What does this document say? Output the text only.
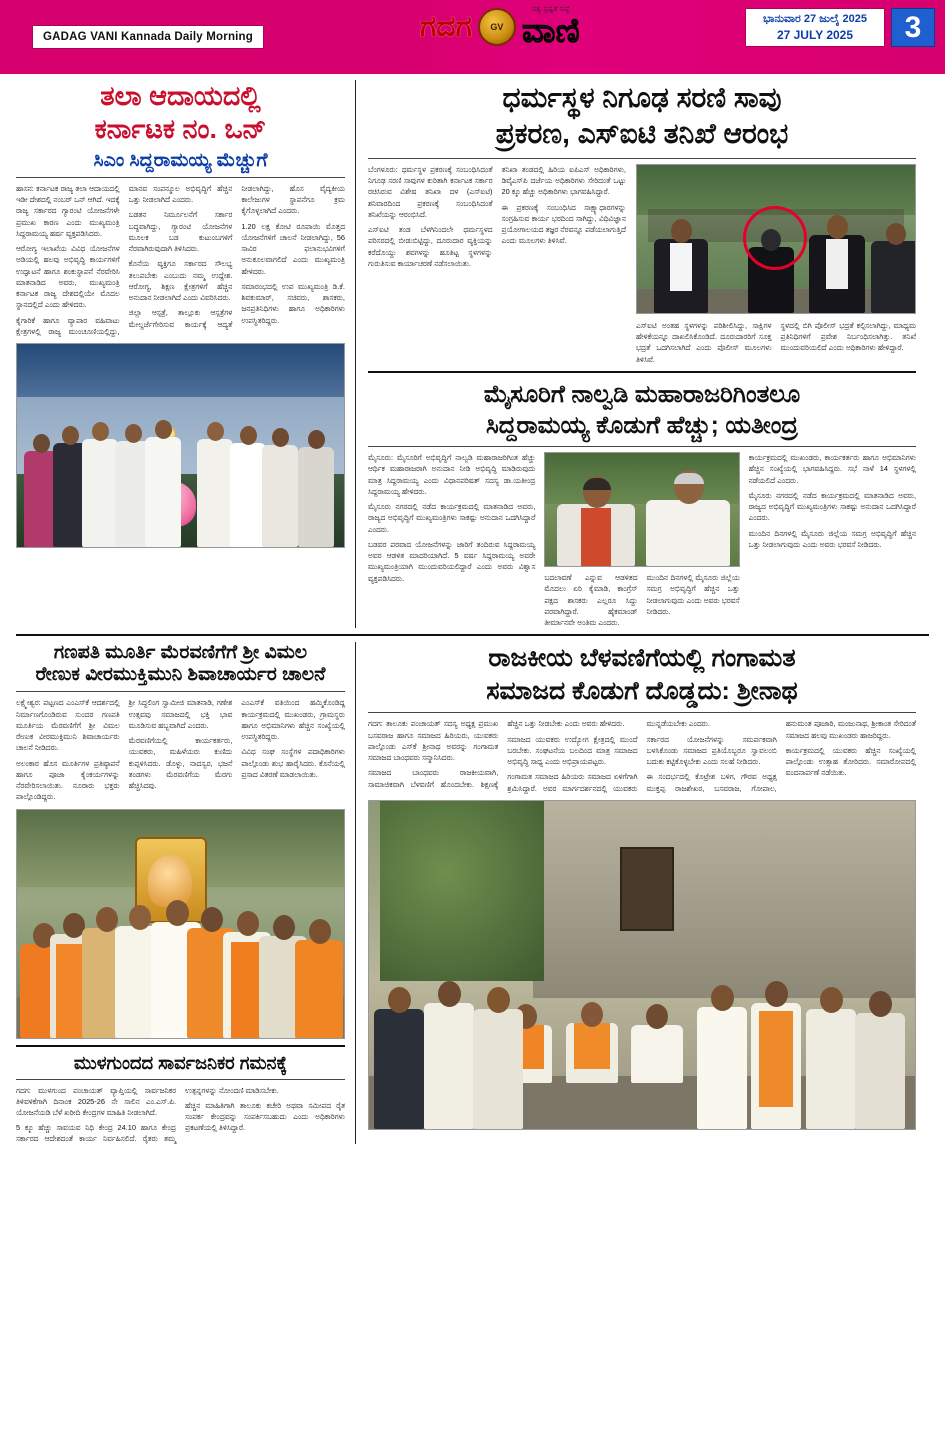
GADAG VANI Kannada Daily Morning	ಗದಗ GV
ಸತ್ಯ ಸ್ಪಷ್ಟತೆ ನಿಷ್ಠೆ
ವಾಣಿ	ಭಾನುವಾರ 27 ಜುಲೈ 2025
27 JULY 2025	3
ತಲಾ ಆದಾಯದಲ್ಲಿ
ಕರ್ನಾಟಕ ನಂ. ಒನ್
ಸಿಎಂ ಸಿದ್ದರಾಮಯ್ಯ ಮೆಚ್ಚುಗೆ

ಹಾಸನ: ಕರ್ನಾಟಕ ರಾಜ್ಯ ತಲಾ ಆದಾಯದಲ್ಲಿ ಇಡೀ ದೇಶದಲ್ಲಿ ನಂಬರ್ ಒನ್ ಆಗಿದೆ. ಇದಕ್ಕೆ ರಾಜ್ಯ ಸರ್ಕಾರದ ಗ್ಯಾರಂಟಿ ಯೋಜನೆಗಳೇ ಪ್ರಮುಖ ಕಾರಣ ಎಂದು ಮುಖ್ಯಮಂತ್ರಿ ಸಿದ್ದರಾಮಯ್ಯ ಹರ್ಷ ವ್ಯಕ್ತಪಡಿಸಿದರು.

ಆರೋಗ್ಯ ಇಲಾಖೆಯ ವಿವಿಧ ಯೋಜನೆಗಳ ಅಡಿಯಲ್ಲಿ ಹಲವು ಅಭಿವೃದ್ಧಿ ಕಾರ್ಯಗಳಿಗೆ ಉದ್ಘಾಟನೆ ಹಾಗೂ ಶಂಕುಸ್ಥಾಪನೆ ನೆರವೇರಿಸಿ ಮಾತನಾಡಿದ ಅವರು, ಮುಖ್ಯಮಂತ್ರಿ ಕರ್ನಾಟಕ ರಾಜ್ಯ ದೇಶದಲ್ಲಿಯೇ ಮೊದಲ ಸ್ಥಾನದಲ್ಲಿದೆ ಎಂದು ಹೇಳಿದರು.

ಕೈಗಾರಿಕೆ ಹಾಗೂ ವ್ಯಾಪಾರ ವಹಿವಾಟು ಕ್ಷೇತ್ರಗಳಲ್ಲಿ ರಾಜ್ಯ ಮುಂಚೂಣಿಯಲ್ಲಿದ್ದು, ಮಾನವ ಸಂಪನ್ಮೂಲ ಅಭಿವೃದ್ಧಿಗೆ ಹೆಚ್ಚಿನ ಒತ್ತು ನೀಡಲಾಗಿದೆ ಎಂದರು.

ಬಡತನ ನಿರ್ಮೂಲನೆಗೆ ಸರ್ಕಾರ ಬದ್ಧವಾಗಿದ್ದು, ಗ್ಯಾರಂಟಿ ಯೋಜನೆಗಳ ಮೂಲಕ ಬಡ ಕುಟುಂಬಗಳಿಗೆ ನೆರವಾಗಿರುವುದಾಗಿ ತಿಳಿಸಿದರು.

ಕೊನೆಯ ವ್ಯಕ್ತಿಗೂ ಸರ್ಕಾರದ ಸೌಲಭ್ಯ ತಲುಪಬೇಕು ಎಂಬುದು ನಮ್ಮ ಉದ್ದೇಶ. ಆರೋಗ್ಯ, ಶಿಕ್ಷಣ ಕ್ಷೇತ್ರಗಳಿಗೆ ಹೆಚ್ಚಿನ ಅನುದಾನ ನೀಡಲಾಗಿದೆ ಎಂದು ವಿವರಿಸಿದರು.

ಜಿಲ್ಲಾ ಆಸ್ಪತ್ರೆ, ತಾಲ್ಲೂಕು ಆಸ್ಪತ್ರೆಗಳ ಮೇಲ್ದರ್ಜೆಗೇರಿಸುವ ಕಾರ್ಯಕ್ಕೆ ಆದ್ಯತೆ ನೀಡಲಾಗಿದ್ದು, ಹೊಸ ವೈದ್ಯಕೀಯ ಕಾಲೇಜುಗಳ ಸ್ಥಾಪನೆಗೂ ಕ್ರಮ ಕೈಗೊಳ್ಳಲಾಗಿದೆ ಎಂದರು.

1.20 ಲಕ್ಷ ಕೋಟಿ ರೂಪಾಯಿ ಮೊತ್ತದ ಯೋಜನೆಗಳಿಗೆ ಚಾಲನೆ ನೀಡಲಾಗಿದ್ದು, 56 ಸಾವಿರ ಫಲಾನುಭವಿಗಳಿಗೆ ಅನುಕೂಲವಾಗಲಿದೆ ಎಂದು ಮುಖ್ಯಮಂತ್ರಿ ಹೇಳಿದರು.

ಸಮಾರಂಭದಲ್ಲಿ ಉಪ ಮುಖ್ಯಮಂತ್ರಿ ಡಿ.ಕೆ. ಶಿವಕುಮಾರ್, ಸಚಿವರು, ಶಾಸಕರು, ಜನಪ್ರತಿನಿಧಿಗಳು ಹಾಗೂ ಅಧಿಕಾರಿಗಳು ಉಪಸ್ಥಿತರಿದ್ದರು.

ಧರ್ಮಸ್ಥಳ ನಿಗೂಢ ಸರಣಿ ಸಾವು
ಪ್ರಕರಣ, ಎಸ್‌ಐಟಿ ತನಿಖೆ ಆರಂಭ

ಬೆಂಗಳೂರು: ಧರ್ಮಸ್ಥಳ ಪ್ರಕರಣಕ್ಕೆ ಸಂಬಂಧಿಸಿದಂತೆ ನಿಗೂಢ ಸರಣಿ ಸಾವುಗಳ ಕುರಿತಾಗಿ ಕರ್ನಾಟಕ ಸರ್ಕಾರ ರಚಿಸಿರುವ ವಿಶೇಷ ತನಿಖಾ ದಳ (ಎಸ್‌ಐಟಿ) ಶನಿವಾರದಿಂದ ಪ್ರಕರಣಕ್ಕೆ ಸಂಬಂಧಿಸಿದಂತೆ ತನಿಖೆಯನ್ನು ಆರಂಭಿಸಿದೆ.

ಎಸ್‌ಐಟಿ ತಂಡ ಬೆಳಗಿನಿಂದಲೇ ಧರ್ಮಸ್ಥಳದ ಪರಿಸರದಲ್ಲಿ ಬೀಡುಬಿಟ್ಟಿದ್ದು, ದೂರುದಾರ ವ್ಯಕ್ತಿಯನ್ನು ಕರೆದೊಯ್ದು ಶವಗಳನ್ನು ಹೂತಿಟ್ಟ ಸ್ಥಳಗಳನ್ನು ಗುರುತಿಸುವ ಕಾರ್ಯಾಚರಣೆ ನಡೆಸಲಾಯಿತು.

ತನಿಖಾ ತಂಡದಲ್ಲಿ ಹಿರಿಯ ಐಪಿಎಸ್ ಅಧಿಕಾರಿಗಳು, ಡಿವೈಎಸ್‌ಪಿ ದರ್ಜೆಯ ಅಧಿಕಾರಿಗಳು ಸೇರಿದಂತೆ ಒಟ್ಟು 20 ಕ್ಕೂ ಹೆಚ್ಚು ಅಧಿಕಾರಿಗಳು ಭಾಗವಹಿಸಿದ್ದಾರೆ.

ಈ ಪ್ರಕರಣಕ್ಕೆ ಸಂಬಂಧಿಸಿದ ಸಾಕ್ಷ್ಯಾಧಾರಗಳನ್ನು ಸಂಗ್ರಹಿಸುವ ಕಾರ್ಯ ಭರದಿಂದ ಸಾಗಿದ್ದು, ವಿಧಿವಿಜ್ಞಾನ ಪ್ರಯೋಗಾಲಯದ ತಜ್ಞರ ನೆರವನ್ನೂ ಪಡೆಯಲಾಗುತ್ತಿದೆ ಎಂದು ಮೂಲಗಳು ತಿಳಿಸಿವೆ.

ಎಸ್‌ಐಟಿ ಅಂತಹ ಸ್ಥಳಗಳನ್ನು ಪರಿಶೀಲಿಸಿದ್ದು, ಸಾಕ್ಷಿಗಳ ಹೇಳಿಕೆಯನ್ನೂ ದಾಖಲಿಸಿಕೊಂಡಿದೆ. ದೂರುದಾರರಿಗೆ ಸೂಕ್ತ ಭದ್ರತೆ ಒದಗಿಸಲಾಗಿದೆ ಎಂದು ಪೊಲೀಸ್ ಮೂಲಗಳು ತಿಳಿಸಿವೆ.

ಸ್ಥಳದಲ್ಲಿ ಬಿಗಿ ಪೊಲೀಸ್ ಭದ್ರತೆ ಕಲ್ಪಿಸಲಾಗಿದ್ದು, ಮಾಧ್ಯಮ ಪ್ರತಿನಿಧಿಗಳಿಗೆ ಪ್ರವೇಶ ನಿರ್ಬಂಧಿಸಲಾಗಿತ್ತು. ತನಿಖೆ ಮುಂದುವರಿಯಲಿದೆ ಎಂದು ಅಧಿಕಾರಿಗಳು ಹೇಳಿದ್ದಾರೆ.

ಮೈಸೂರಿಗೆ ನಾಲ್ವಡಿ ಮಹಾರಾಜರಿಗಿಂತಲೂ
ಸಿದ್ದರಾಮಯ್ಯ ಕೊಡುಗೆ ಹೆಚ್ಚು; ಯತೀಂದ್ರ

ಮೈಸೂರು: ಮೈಸೂರಿಗೆ ಅಭಿವೃದ್ಧಿಗೆ ನಾಲ್ವಡಿ ಮಹಾರಾಜರಿಗಿಂತ ಹೆಚ್ಚು ಆರ್ಥಿಕ ಮಹಾರಾಜರಾಗಿ ಅನುದಾನ ನೀಡಿ ಅಭಿವೃದ್ಧಿ ಮಾಡಿರುವುದು ಮಾತ್ರ ಸಿದ್ದರಾಮಯ್ಯ ಎಂದು ವಿಧಾನಪರಿಷತ್ ಸದಸ್ಯ ಡಾ.ಯತೀಂದ್ರ ಸಿದ್ದರಾಮಯ್ಯ ಹೇಳಿದರು.

ಮೈಸೂರು ನಗರದಲ್ಲಿ ನಡೆದ ಕಾರ್ಯಕ್ರಮದಲ್ಲಿ ಮಾತನಾಡಿದ ಅವರು, ರಾಜ್ಯದ ಅಭಿವೃದ್ಧಿಗೆ ಮುಖ್ಯಮಂತ್ರಿಗಳು ಸಾಕಷ್ಟು ಅನುದಾನ ಒದಗಿಸಿದ್ದಾರೆ ಎಂದರು.

ಬಡವರ ಪರವಾದ ಯೋಜನೆಗಳನ್ನು ಜಾರಿಗೆ ತಂದಿರುವ ಸಿದ್ದರಾಮಯ್ಯ ಅವರ ಆಡಳಿತ ಮಾದರಿಯಾಗಿದೆ. 5 ವರ್ಷ ಸಿದ್ದರಾಮಯ್ಯ ಅವರೇ ಮುಖ್ಯಮಂತ್ರಿಯಾಗಿ ಮುಂದುವರಿಯಲಿದ್ದಾರೆ ಎಂದು ಅವರು ವಿಶ್ವಾಸ ವ್ಯಕ್ತಪಡಿಸಿದರು.	ಬದಲಾವಣೆ ಎನ್ನುವ ಆಡಳಿತದ ಮೊದಲು ಏರಿ ಕೈಮಾಡಿ, ಕಾಂಗ್ರೆಸ್ ಪಕ್ಷದ ಶಾಸಕರು ಎಲ್ಲರೂ ಸಿದ್ದು ಪರವಾಗಿದ್ದಾರೆ. ಹೈಕಮಾಂಡ್ ತೀರ್ಮಾನವೇ ಅಂತಿಮ ಎಂದರು.

ಮುಂದಿನ ದಿನಗಳಲ್ಲಿ ಮೈಸೂರು ಜಿಲ್ಲೆಯ ಸಮಗ್ರ ಅಭಿವೃದ್ಧಿಗೆ ಹೆಚ್ಚಿನ ಒತ್ತು ನೀಡಲಾಗುವುದು ಎಂದು ಅವರು ಭರವಸೆ ನೀಡಿದರು.

ಕಾರ್ಯಕ್ರಮದಲ್ಲಿ ಮುಖಂಡರು, ಕಾರ್ಯಕರ್ತರು ಹಾಗೂ ಅಭಿಮಾನಿಗಳು ಹೆಚ್ಚಿನ ಸಂಖ್ಯೆಯಲ್ಲಿ ಭಾಗವಹಿಸಿದ್ದರು. ಸಭೆ ನಾಳೆ 14 ಸ್ಥಳಗಳಲ್ಲಿ ನಡೆಯಲಿದೆ ಎಂದರು.

ಮೈಸೂರು ನಗರದಲ್ಲಿ ನಡೆದ ಕಾರ್ಯಕ್ರಮದಲ್ಲಿ ಮಾತನಾಡಿದ ಅವರು, ರಾಜ್ಯದ ಅಭಿವೃದ್ಧಿಗೆ ಮುಖ್ಯಮಂತ್ರಿಗಳು ಸಾಕಷ್ಟು ಅನುದಾನ ಒದಗಿಸಿದ್ದಾರೆ ಎಂದರು.

ಮುಂದಿನ ದಿನಗಳಲ್ಲಿ ಮೈಸೂರು ಜಿಲ್ಲೆಯ ಸಮಗ್ರ ಅಭಿವೃದ್ಧಿಗೆ ಹೆಚ್ಚಿನ ಒತ್ತು ನೀಡಲಾಗುವುದು ಎಂದು ಅವರು ಭರವಸೆ ನೀಡಿದರು.

ಗಣಪತಿ ಮೂರ್ತಿ ಮೆರವಣಿಗೆಗೆ ಶ್ರೀ ವಿಮಲ
ರೇಣುಕ ವೀರಮುಕ್ತಿಮುನಿ ಶಿವಾಚಾರ್ಯರ ಚಾಲನೆ

ಲಕ್ಷ್ಮೇಶ್ವರ: ಪಟ್ಟಣದ ಎಂಎಸ್‌ಕೆ ಆದರ್ಶದಲ್ಲಿ ನಿರ್ಮಾಣಗೊಂಡಿರುವ ಸುಂದರ ಗಣಪತಿ ಮೂರ್ತಿಯ ಮೆರವಣಿಗೆಗೆ ಶ್ರೀ ವಿಮಲ ರೇಣುಕ ವೀರಮುಕ್ತಿಮುನಿ ಶಿವಾಚಾರ್ಯರು ಚಾಲನೆ ನೀಡಿದರು.

ಅಲಂಕಾರ ಹೊಸ ಮೂರ್ತಿಗಳ ಪ್ರತಿಷ್ಠಾಪನೆ ಹಾಗೂ ಪೂಜಾ ಕೈಂಕರ್ಯಗಳನ್ನು ನೆರವೇರಿಸಲಾಯಿತು. ನೂರಾರು ಭಕ್ತರು ಪಾಲ್ಗೊಂಡಿದ್ದರು.

ಶ್ರೀ ಸಿದ್ಧಲಿಂಗ ಸ್ವಾಮೀಜಿ ಮಾತನಾಡಿ, ಗಣೇಶ ಉತ್ಸವವು ಸಮಾಜದಲ್ಲಿ ಭಕ್ತಿ ಭಾವ ಮೂಡಿಸುವ ಹಬ್ಬವಾಗಿದೆ ಎಂದರು.

ಮೆರವಣಿಗೆಯಲ್ಲಿ ಕಾರ್ಯಕರ್ತರು, ಯುವಕರು, ಮಹಿಳೆಯರು ಕುಣಿದು ಕುಪ್ಪಳಿಸಿದರು. ಡೊಳ್ಳು, ನಾದಸ್ವರ, ಭಜನೆ ತಂಡಗಳು ಮೆರವಣಿಗೆಯ ಮೆರಗು ಹೆಚ್ಚಿಸಿದವು.

ಎಂಎಸ್‌ಕೆ ವತಿಯಿಂದ ಹಮ್ಮಿಕೊಂಡಿದ್ದ ಕಾರ್ಯಕ್ರಮದಲ್ಲಿ ಮುಖಂಡರು, ಗ್ರಾಮಸ್ಥರು ಹಾಗೂ ಅಭಿಮಾನಿಗಳು ಹೆಚ್ಚಿನ ಸಂಖ್ಯೆಯಲ್ಲಿ ಉಪಸ್ಥಿತರಿದ್ದರು.

ವಿವಿಧ ಸಂಘ ಸಂಸ್ಥೆಗಳ ಪದಾಧಿಕಾರಿಗಳು ಪಾಲ್ಗೊಂಡು ಶುಭ ಹಾರೈಸಿದರು. ಕೊನೆಯಲ್ಲಿ ಪ್ರಸಾದ ವಿತರಣೆ ಮಾಡಲಾಯಿತು.

ಮುಳಗುಂದದ ಸಾರ್ವಜನಿಕರ ಗಮನಕ್ಕೆ

ಗದಗ: ಮುಳಗುಂದ ಪಂಚಾಯತ್ ವ್ಯಾಪ್ತಿಯಲ್ಲಿ ಸಾರ್ವಜನಿಕರ ತಿಳಿವಳಿಕೆಗಾಗಿ ದಿನಾಂಕ 2025-26 ನೇ ಸಾಲಿನ ಎಂ.ಎಸ್.ಪಿ. ಯೋಜನೆಯಡಿ ಬೆಳೆ ಖರೀದಿ ಕೇಂದ್ರಗಳ ಮಾಹಿತಿ ನೀಡಲಾಗಿದೆ.

5 ಕ್ಕೂ ಹೆಚ್ಚು ಸಾವಯವ ನಿಧಿ ಕೇಂದ್ರ 24.10 ಹಾಗೂ ಕೇಂದ್ರ ಸರ್ಕಾರದ ಆದೇಶದಂತೆ ಕಾರ್ಯ ನಿರ್ವಹಿಸಲಿದೆ. ರೈತರು ತಮ್ಮ ಉತ್ಪನ್ನಗಳನ್ನು ನೋಂದಣಿ ಮಾಡಿಸಬೇಕು.

ಹೆಚ್ಚಿನ ಮಾಹಿತಿಗಾಗಿ ತಾಲೂಕು ಕಚೇರಿ ಅಥವಾ ಸಮೀಪದ ರೈತ ಸಂಪರ್ಕ ಕೇಂದ್ರವನ್ನು ಸಂಪರ್ಕಿಸಬಹುದು ಎಂದು ಅಧಿಕಾರಿಗಳು ಪ್ರಕಟಣೆಯಲ್ಲಿ ತಿಳಿಸಿದ್ದಾರೆ.

ರಾಜಕೀಯ ಬೆಳವಣಿಗೆಯಲ್ಲಿ ಗಂಗಾಮತ
ಸಮಾಜದ ಕೊಡುಗೆ ದೊಡ್ಡದು: ಶ್ರೀನಾಥ

ಗದಗ: ತಾಲೂಕು ಪಂಚಾಯತ್ ಸದಸ್ಯ ಅಧ್ಯಕ್ಷ ಪ್ರಮುಖ ಬಸವರಾಜ ಹಾಗೂ ಸಮಾಜದ ಹಿರಿಯರು, ಯುವಕರು ಪಾಲ್ಗೊಂಡು ಎಸ್‌ಕೆ ಶ್ರೀನಾಥ ಅವರನ್ನು ಗಂಗಾಮತ ಸಮಾಜದ ಬಾಂಧವರು ಸನ್ಮಾನಿಸಿದರು.

ಸಮಾಜದ ಬಾಂಧವರು ರಾಜಕೀಯವಾಗಿ, ಸಾಮಾಜಿಕವಾಗಿ ಬೆಳವಣಿಗೆ ಹೊಂದಬೇಕು. ಶಿಕ್ಷಣಕ್ಕೆ ಹೆಚ್ಚಿನ ಒತ್ತು ನೀಡಬೇಕು ಎಂದು ಅವರು ಹೇಳಿದರು.

ಸಮಾಜದ ಯುವಕರು ಉದ್ಯೋಗ ಕ್ಷೇತ್ರದಲ್ಲಿ ಮುಂದೆ ಬರಬೇಕು. ಸಂಘಟನೆಯ ಬಲದಿಂದ ಮಾತ್ರ ಸಮಾಜದ ಅಭಿವೃದ್ಧಿ ಸಾಧ್ಯ ಎಂದು ಅಭಿಪ್ರಾಯಪಟ್ಟರು.

ಗಂಗಾಮತ ಸಮಾಜದ ಹಿರಿಯರು ಸಮಾಜದ ಏಳಿಗೆಗಾಗಿ ಶ್ರಮಿಸಿದ್ದಾರೆ. ಅವರ ಮಾರ್ಗದರ್ಶನದಲ್ಲಿ ಯುವಕರು ಮುನ್ನಡೆಯಬೇಕು ಎಂದರು.

ಸರ್ಕಾರದ ಯೋಜನೆಗಳನ್ನು ಸಮರ್ಪಕವಾಗಿ ಬಳಸಿಕೊಂಡು ಸಮಾಜದ ಪ್ರತಿಯೊಬ್ಬರೂ ಸ್ವಾವಲಂಬಿ ಬದುಕು ಕಟ್ಟಿಕೊಳ್ಳಬೇಕು ಎಂದು ಸಲಹೆ ನೀಡಿದರು.

ಈ ಸಂದರ್ಭದಲ್ಲಿ ಕೊಟ್ರೇಶ ಬಳಿಗ, ಗೌರವ ಅಧ್ಯಕ್ಷ ಮುಕ್ತಪ್ಪ ರಾಜಶೇಖರ, ಬಸವರಾಜ, ಗೋಪಾಲ, ಹನುಮಂತ ಪೂಜಾರಿ, ಮಂಜುನಾಥ, ಶ್ರೀಕಾಂತ ಸೇರಿದಂತೆ ಸಮಾಜದ ಹಲವು ಮುಖಂಡರು ಹಾಜರಿದ್ದರು.

ಕಾರ್ಯಕ್ರಮದಲ್ಲಿ ಯುವಕರು ಹೆಚ್ಚಿನ ಸಂಖ್ಯೆಯಲ್ಲಿ ಪಾಲ್ಗೊಂಡು ಉತ್ಸಾಹ ತೋರಿದರು. ಸಮಾರೋಪದಲ್ಲಿ ವಂದನಾರ್ಪಣೆ ನಡೆಯಿತು.
